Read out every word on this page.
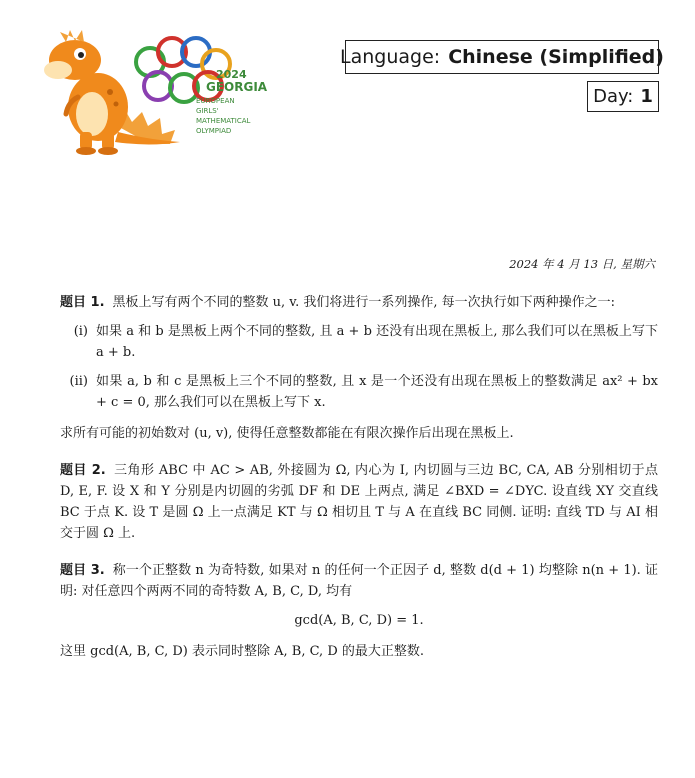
2024
GEORGIA
EUROPEAN
GIRLS'
MATHEMATICAL
OLYMPIAD
Language: Chinese (Simplified)
Day: 1
2024 年 4 月 13 日, 星期六

题目 1. 黑板上写有两个不同的整数 u, v. 我们将进行一系列操作, 每一次执行如下两种操作之一:

(i) 如果 a 和 b 是黑板上两个不同的整数, 且 a + b 还没有出现在黑板上, 那么我们可以在黑板上写下 a + b.
(ii) 如果 a, b 和 c 是黑板上三个不同的整数, 且 x 是一个还没有出现在黑板上的整数满足 ax² + bx + c = 0, 那么我们可以在黑板上写下 x.

求所有可能的初始数对 (u, v), 使得任意整数都能在有限次操作后出现在黑板上.

题目 2. 三角形 ABC 中 AC > AB, 外接圆为 Ω, 内心为 I, 内切圆与三边 BC, CA, AB 分别相切于点 D, E, F. 设 X 和 Y 分别是内切圆的劣弧 DF 和 DE 上两点, 满足 ∠BXD = ∠DYC. 设直线 XY 交直线 BC 于点 K. 设 T 是圆 Ω 上一点满足 KT 与 Ω 相切且 T 与 A 在直线 BC 同侧. 证明: 直线 TD 与 AI 相交于圆 Ω 上.

题目 3. 称一个正整数 n 为奇特数, 如果对 n 的任何一个正因子 d, 整数 d(d + 1) 均整除 n(n + 1). 证明: 对任意四个两两不同的奇特数 A, B, C, D, 均有

gcd(A, B, C, D) = 1.

这里 gcd(A, B, C, D) 表示同时整除 A, B, C, D 的最大正整数.
